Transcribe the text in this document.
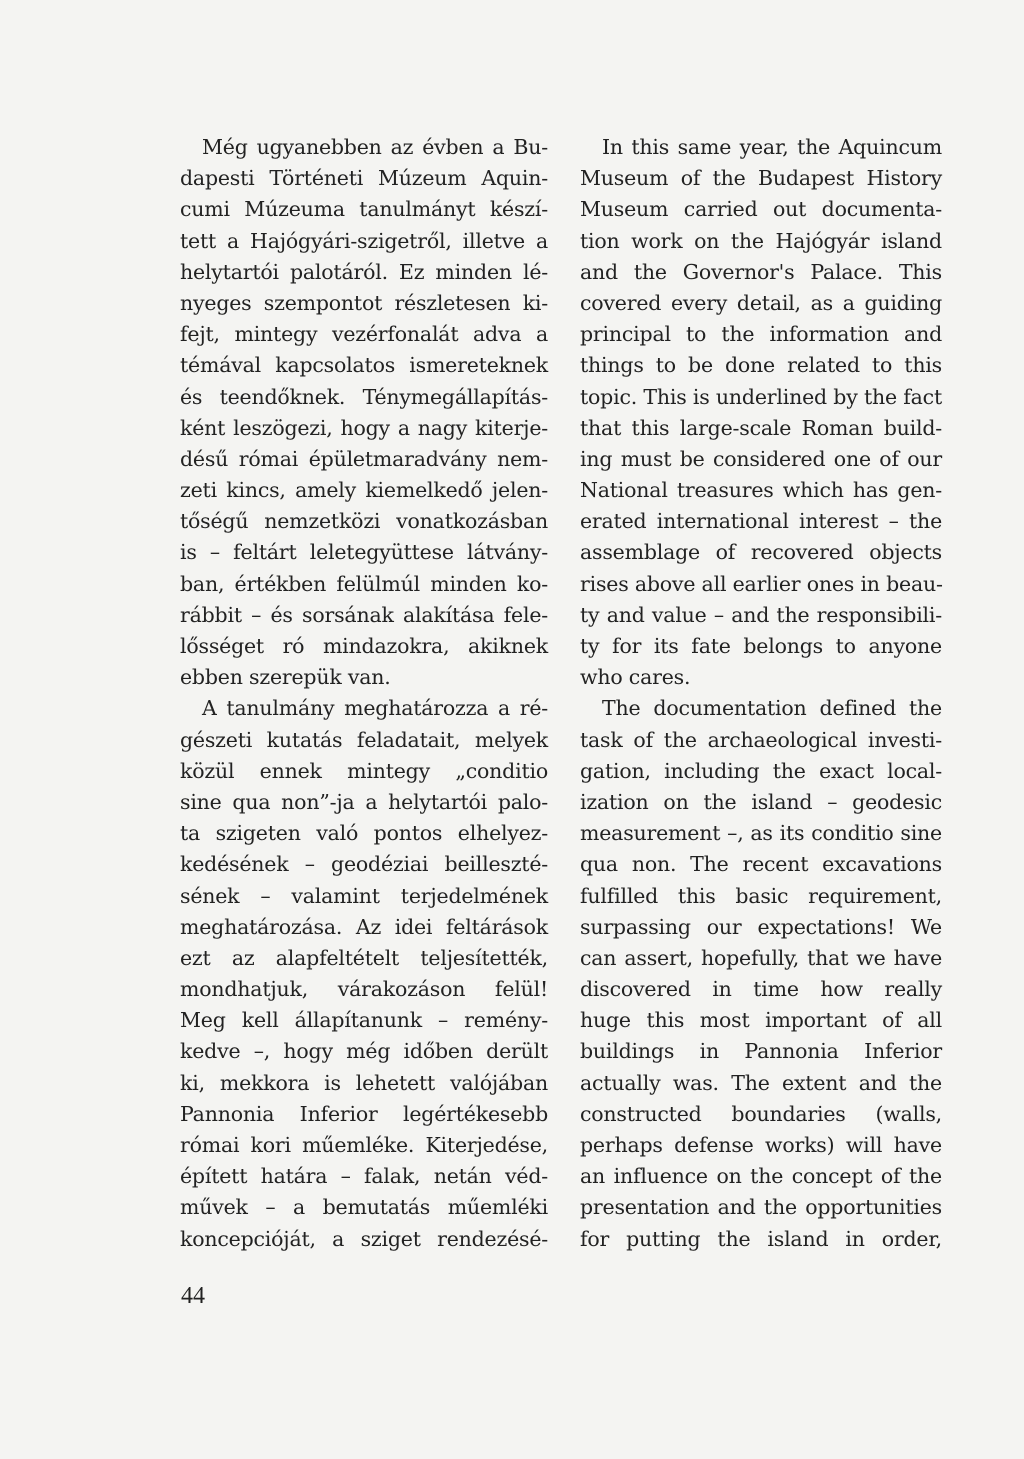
Még ugyanebben az évben a Bu-
dapesti Történeti Múzeum Aquin-
cumi Múzeuma tanulmányt készí-
tett a Hajógyári-szigetről, illetve a
helytartói palotáról. Ez minden lé-
nyeges szempontot részletesen ki-
fejt, mintegy vezérfonalát adva a
témával kapcsolatos ismereteknek
és teendőknek. Ténymegállapítás-
ként leszögezi, hogy a nagy kiterje-
désű római épületmaradvány nem-
zeti kincs, amely kiemelkedő jelen-
tőségű nemzetközi vonatkozásban
is – feltárt leletegyüttese látvány-
ban, értékben felülmúl minden ko-
rábbit – és sorsának alakítása fele-
lősséget ró mindazokra, akiknek
ebben szerepük van.
A tanulmány meghatározza a ré-
gészeti kutatás feladatait, melyek
közül ennek mintegy „conditio
sine qua non”-ja a helytartói palo-
ta szigeten való pontos elhelyez-
kedésének – geodéziai beilleszté-
sének – valamint terjedelmének
meghatározása. Az idei feltárások
ezt az alapfeltételt teljesítették,
mondhatjuk, várakozáson felül!
Meg kell állapítanunk – remény-
kedve –, hogy még időben derült
ki, mekkora is lehetett valójában
Pannonia Inferior legértékesebb
római kori műemléke. Kiterjedése,
épített határa – falak, netán véd-
művek – a bemutatás műemléki
koncepcióját, a sziget rendezésé-
In this same year, the Aquincum
Museum of the Budapest History
Museum carried out documenta-
tion work on the Hajógyár island
and the Governor's Palace. This
covered every detail, as a guiding
principal to the information and
things to be done related to this
topic. This is underlined by the fact
that this large-scale Roman build-
ing must be considered one of our
National treasures which has gen-
erated international interest – the
assemblage of recovered objects
rises above all earlier ones in beau-
ty and value – and the responsibili-
ty for its fate belongs to anyone
who cares.
The documentation defined the
task of the archaeological investi-
gation, including the exact local-
ization on the island – geodesic
measurement –, as its conditio sine
qua non. The recent excavations
fulfilled this basic requirement,
surpassing our expectations! We
can assert, hopefully, that we have
discovered in time how really
huge this most important of all
buildings in Pannonia Inferior
actually was. The extent and the
constructed boundaries (walls,
perhaps defense works) will have
an influence on the concept of the
presentation and the opportunities
for putting the island in order,
44
